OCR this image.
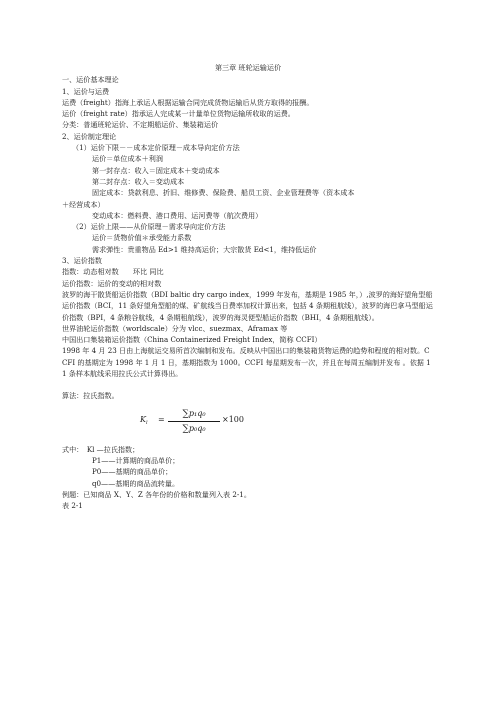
第三章 班轮运输运价
一、运价基本理论
1、运价与运费
运费（freight）指海上承运人根据运输合同完成货物运输后从货方取得的报酬。
运价（freight rate）指承运人完成某一计量单位货物运输所收取的运费。
分类：普通班轮运价、不定期船运价、集装箱运价
2、运价制定理论
（1）运价下限－－成本定价原理－成本导向定价方法
运价＝单位成本＋利润
第一封存点：收入＝固定成本＋变动成本
第二封存点：收入＝变动成本
固定成本：贷款利息、折旧、维修费、保险费、船员工资、企业管理费等（资本成本
＋经营成本）
变动成本：燃料费、港口费用、运河费等（航次费用）
（2）运价上限——从价原理－需求导向定价方法
运价＝货物价值＊承受能力系数
需求弹性：贵重物品 Ed>1 维持高运价；大宗散货 Ed<1，维持低运价
3、运价指数
指数：动态相对数　　环比 同比
运价指数：运价的变动的相对数
波罗的海干散货船运价指数（BDI baltic dry cargo index，1999 年发布，基期是 1985 年，）,波罗的海好望角型船运价指数（BCI，11 条好望角型船的煤、矿航线当日费率加权计算出来，包括 4 条期租航线），波罗的海巴拿马型船运价指数（BPI，4 条粮谷航线，4 条期租航线），波罗的海灵便型船运价指数（BHI，4 条期租航线）。
世界油轮运价指数（worldscale）分为 vlcc、suezmax、Aframax 等
中国出口集装箱运价指数（China Containerized Freight Index，简称 CCFI）
1998 年 4 月 23 日由上海航运交易所首次编制和发布。反映从中国出口的集装箱货物运费的趋势和程度的相对数。CCFI 的基期定为 1998 年 1 月 1 日，基期指数为 1000。CCFI 每星期发布一次，并且在每周五编制并发布 。依据 11 条样本航线采用拉氏公式计算得出。
算法：拉氏指数。
$K_l = \frac{\text{∑p₁q₀}}{\text{∑p₀q₀}} \times 100$
式中：　Kl —拉氏指数；
P1——计算期的商品单价；
P0——基期的商品单价；
q0——基期的商品流转量。
例题：已知商品 X、Y、Z 各年份的价格和数量列入表 2-1。
表 2-1
